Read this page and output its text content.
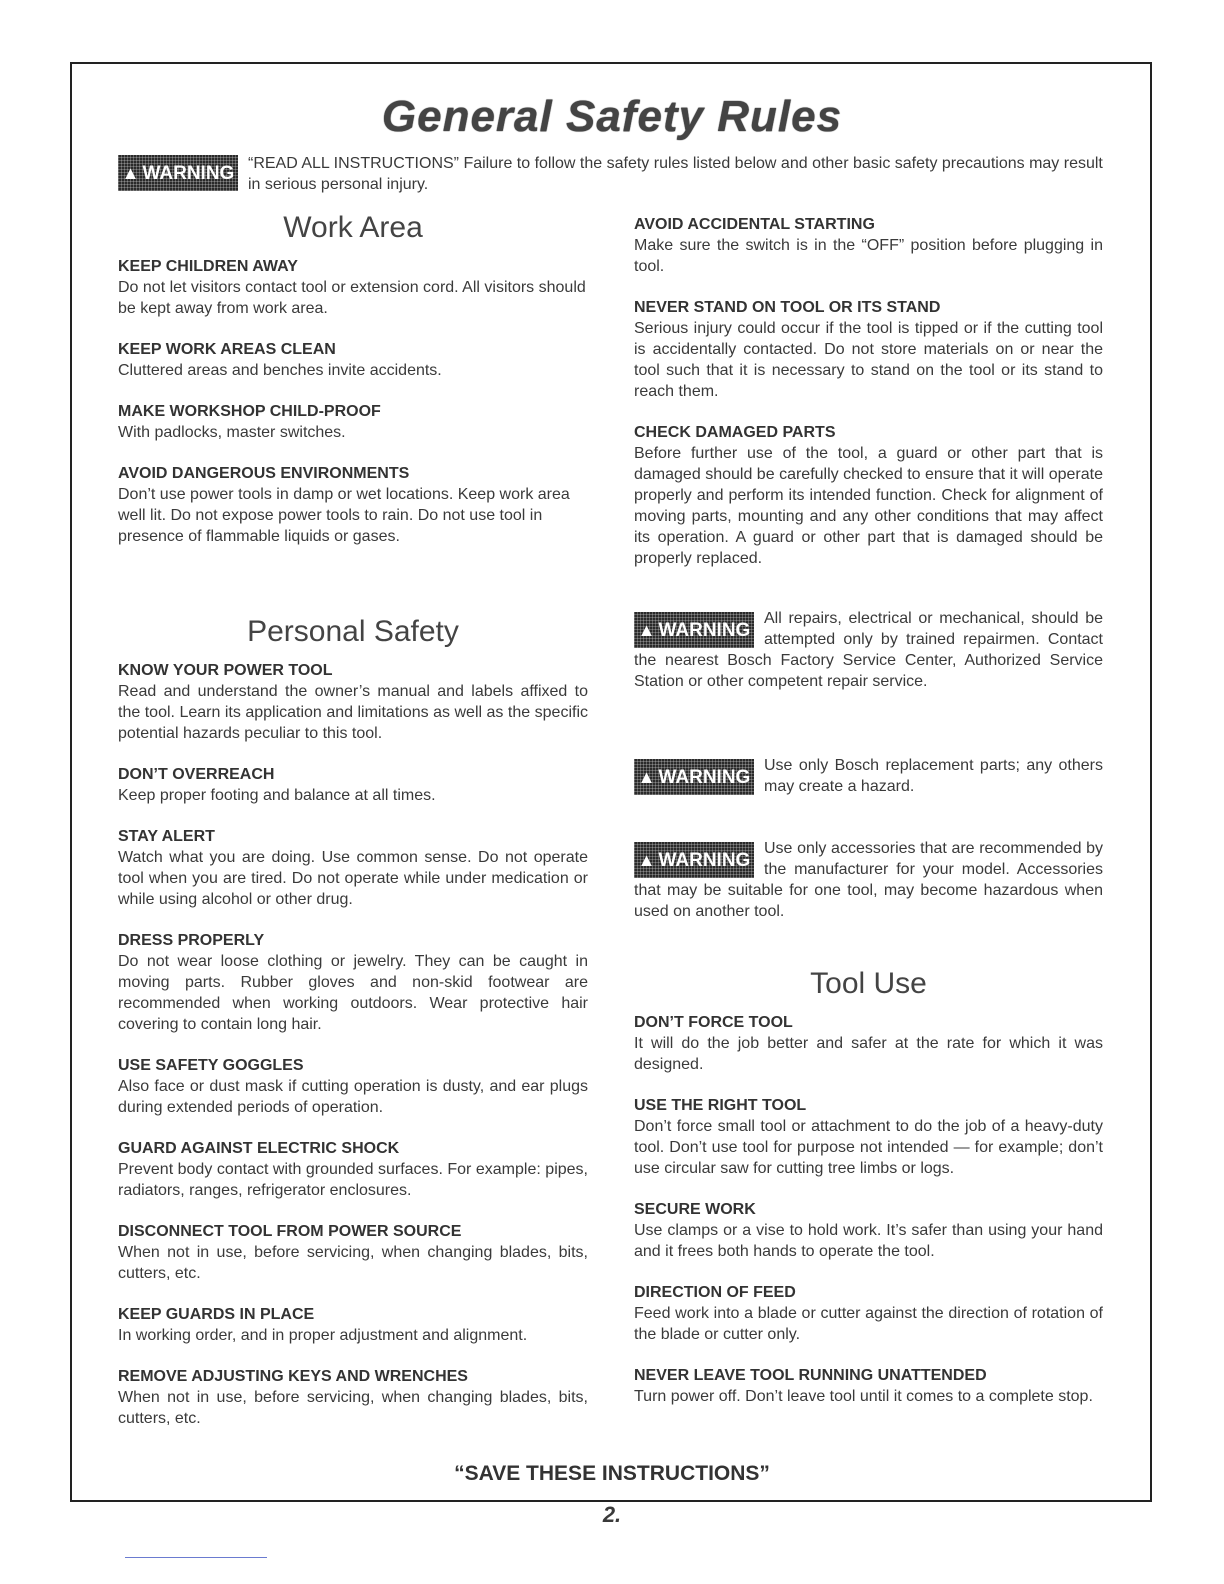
General Safety Rules
▲ WARNING “READ ALL INSTRUCTIONS” Failure to follow the safety rules listed below and other basic safety precautions may result in serious personal injury.
Work Area
KEEP CHILDREN AWAY
Do not let visitors contact tool or extension cord. All visitors should be kept away from work area.
KEEP WORK AREAS CLEAN
Cluttered areas and benches invite accidents.
MAKE WORKSHOP CHILD-PROOF
With padlocks, master switches.
AVOID DANGEROUS ENVIRONMENTS
Don’t use power tools in damp or wet locations. Keep work area well lit. Do not expose power tools to rain. Do not use tool in presence of flammable liquids or gases.
Personal Safety
KNOW YOUR POWER TOOL
Read and understand the owner’s manual and labels affixed to the tool. Learn its application and limitations as well as the specific potential hazards peculiar to this tool.
DON’T OVERREACH
Keep proper footing and balance at all times.
STAY ALERT
Watch what you are doing. Use common sense. Do not operate tool when you are tired. Do not operate while under medication or while using alcohol or other drug.
DRESS PROPERLY
Do not wear loose clothing or jewelry. They can be caught in moving parts. Rubber gloves and non-skid footwear are recommended when working outdoors. Wear protective hair covering to contain long hair.
USE SAFETY GOGGLES
Also face or dust mask if cutting operation is dusty, and ear plugs during extended periods of operation.
GUARD AGAINST ELECTRIC SHOCK
Prevent body contact with grounded surfaces. For example: pipes, radiators, ranges, refrigerator enclosures.
DISCONNECT TOOL FROM POWER SOURCE
When not in use, before servicing, when changing blades, bits, cutters, etc.
KEEP GUARDS IN PLACE
In working order, and in proper adjustment and alignment.
REMOVE ADJUSTING KEYS AND WRENCHES
When not in use, before servicing, when changing blades, bits, cutters, etc.
AVOID ACCIDENTAL STARTING
Make sure the switch is in the “OFF” position before plugging in tool.
NEVER STAND ON TOOL OR ITS STAND
Serious injury could occur if the tool is tipped or if the cutting tool is accidentally contacted. Do not store materials on or near the tool such that it is necessary to stand on the tool or its stand to reach them.
CHECK DAMAGED PARTS
Before further use of the tool, a guard or other part that is damaged should be carefully checked to ensure that it will operate properly and perform its intended function. Check for alignment of moving parts, mounting and any other conditions that may affect its operation. A guard or other part that is damaged should be properly replaced.
▲ WARNING
All repairs, electrical or mechanical, should be attempted only by trained repairmen. Contact the nearest Bosch Factory Service Center, Authorized Service Station or other competent repair service.
▲ WARNING
Use only Bosch replacement parts; any others may create a hazard.
▲ WARNING
Use only accessories that are recommended by the manufacturer for your model. Accessories that may be suitable for one tool, may become hazardous when used on another tool.
Tool Use
DON’T FORCE TOOL
It will do the job better and safer at the rate for which it was designed.
USE THE RIGHT TOOL
Don’t force small tool or attachment to do the job of a heavy-duty tool. Don’t use tool for purpose not intended — for example; don’t use circular saw for cutting tree limbs or logs.
SECURE WORK
Use clamps or a vise to hold work. It’s safer than using your hand and it frees both hands to operate the tool.
DIRECTION OF FEED
Feed work into a blade or cutter against the direction of rotation of the blade or cutter only.
NEVER LEAVE TOOL RUNNING UNATTENDED
Turn power off. Don’t leave tool until it comes to a complete stop.
“SAVE THESE INSTRUCTIONS”
2.
